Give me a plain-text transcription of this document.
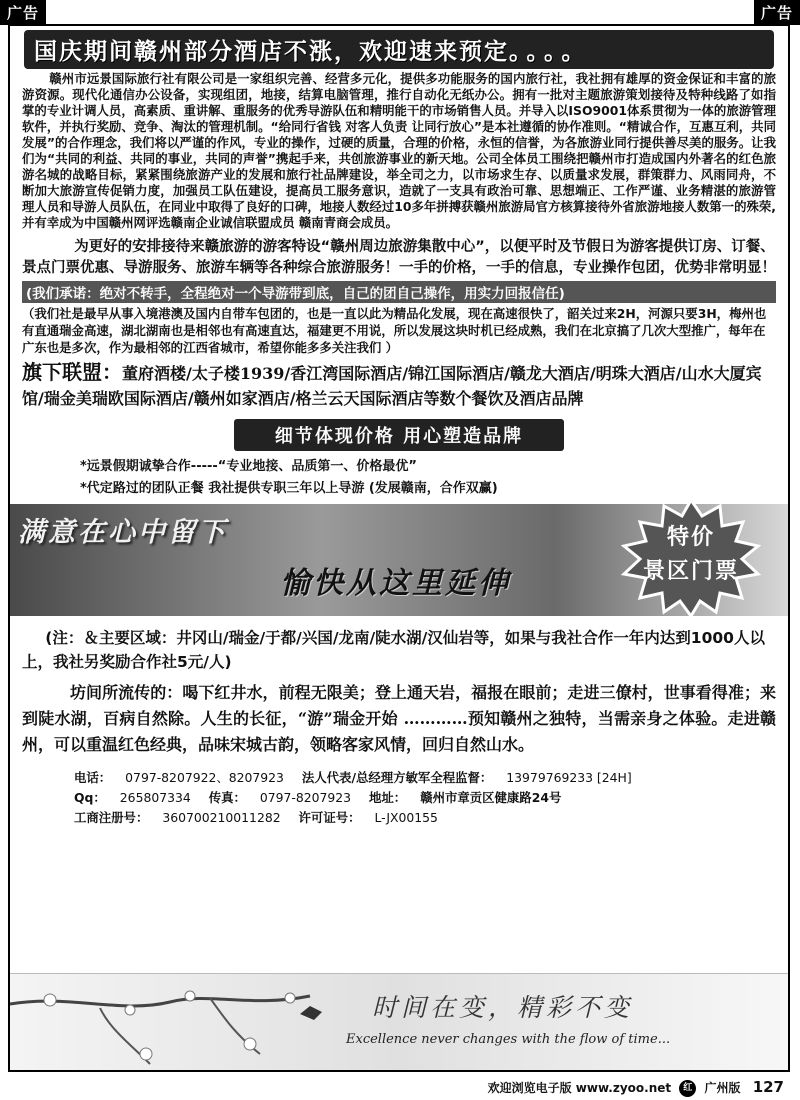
广告	广告
国庆期间赣州部分酒店不涨，欢迎速来预定。。。。
赣州市远景国际旅行社有限公司是一家组织完善、经营多元化，提供多功能服务的国内旅行社，我社拥有雄厚的资金保证和丰富的旅游资源。现代化通信办公设备，实现组团，地接，结算电脑管理，推行自动化无纸办公。拥有一批对主题旅游策划接待及特种线路了如指掌的专业计调人员，高素质、重讲解、重服务的优秀导游队伍和精明能干的市场销售人员。并导入以ISO9001体系贯彻为一体的旅游管理软件，并执行奖励、竞争、淘汰的管理机制。“给同行省钱 对客人负责 让同行放心”是本社遵循的协作准则。“精诚合作，互惠互利，共同发展”的合作理念，我们将以严谨的作风，专业的操作，过硬的质量，合理的价格，永恒的信誉，为各旅游业同行提供善尽美的服务。让我们为“共同的利益、共同的事业，共同的声誉”携起手来，共创旅游事业的新天地。公司全体员工围绕把赣州市打造成国内外著名的红色旅游名城的战略目标，紧紧围绕旅游产业的发展和旅行社品牌建设，举全司之力，以市场求生存、以质量求发展，群策群力、风雨同舟，不断加大旅游宣传促销力度，加强员工队伍建设，提高员工服务意识，造就了一支具有政治可靠、思想端正、工作严谨、业务精湛的旅游管理人员和导游人员队伍，在同业中取得了良好的口碑，地接人数经过10多年拼搏获赣州旅游局官方核算接待外省旅游地接人数第一的殊荣,并有幸成为中国赣州网评选赣南企业诚信联盟成员 赣南青商会成员。
为更好的安排接待来赣旅游的游客特设“赣州周边旅游集散中心”，以便平时及节假日为游客提供订房、订餐、景点门票优惠、导游服务、旅游车辆等各种综合旅游服务！一手的价格，一手的信息，专业操作包团，优势非常明显！
(我们承诺：绝对不转手，全程绝对一个导游带到底，自己的团自己操作，用实力回报信任)
（我们社是最早从事入境港澳及国内自带车包团的，也是一直以此为精品化发展，现在高速很快了，韶关过来2H，河源只要3H，梅州也有直通瑞金高速，湖北湖南也是相邻也有高速直达，福建更不用说，所以发展这块时机已经成熟，我们在北京搞了几次大型推广，每年在广东也是多次，作为最相邻的江西省城市，希望你能多多关注我们 ）
旗下联盟：董府酒楼/太子楼1939/香江湾国际酒店/锦江国际酒店/赣龙大酒店/明珠大酒店/山水大厦宾馆/瑞金美瑞欧国际酒店/赣州如家酒店/格兰云天国际酒店等数个餐饮及酒店品牌
细节体现价格 用心塑造品牌
*远景假期诚挚合作-----“专业地接、品质第一、价格最优”
*代定路过的团队正餐 我社提供专职三年以上导游 (发展赣南，合作双赢)
满意在心中留下
愉快从这里延伸
特价
景区门票
(注：＆主要区域：井冈山/瑞金/于都/兴国/龙南/陡水湖/汉仙岩等，如果与我社合作一年内达到1000人以上，我社另奖励合作社5元/人)
坊间所流传的：喝下红井水，前程无限美；登上通天岩，福报在眼前；走进三僚村，世事看得准；来到陡水湖，百病自然除。人生的长征，“游”瑞金开始 …………预知赣州之独特，当需亲身之体验。走进赣州，可以重温红色经典，品味宋城古韵，领略客家风情，回归自然山水。
电话： 0797-8207922、8207923 法人代表/总经理方敏军全程监督： 13979769233 [24H]
Qq： 265807334 传真： 0797-8207923 地址： 赣州市章贡区健康路24号
工商注册号： 360700210011282 许可证号： L-JX00155
时间在变，精彩不变
Excellence never changes with the flow of time...
欢迎浏览电子版 www.zyoo.net 红 广州版 127
